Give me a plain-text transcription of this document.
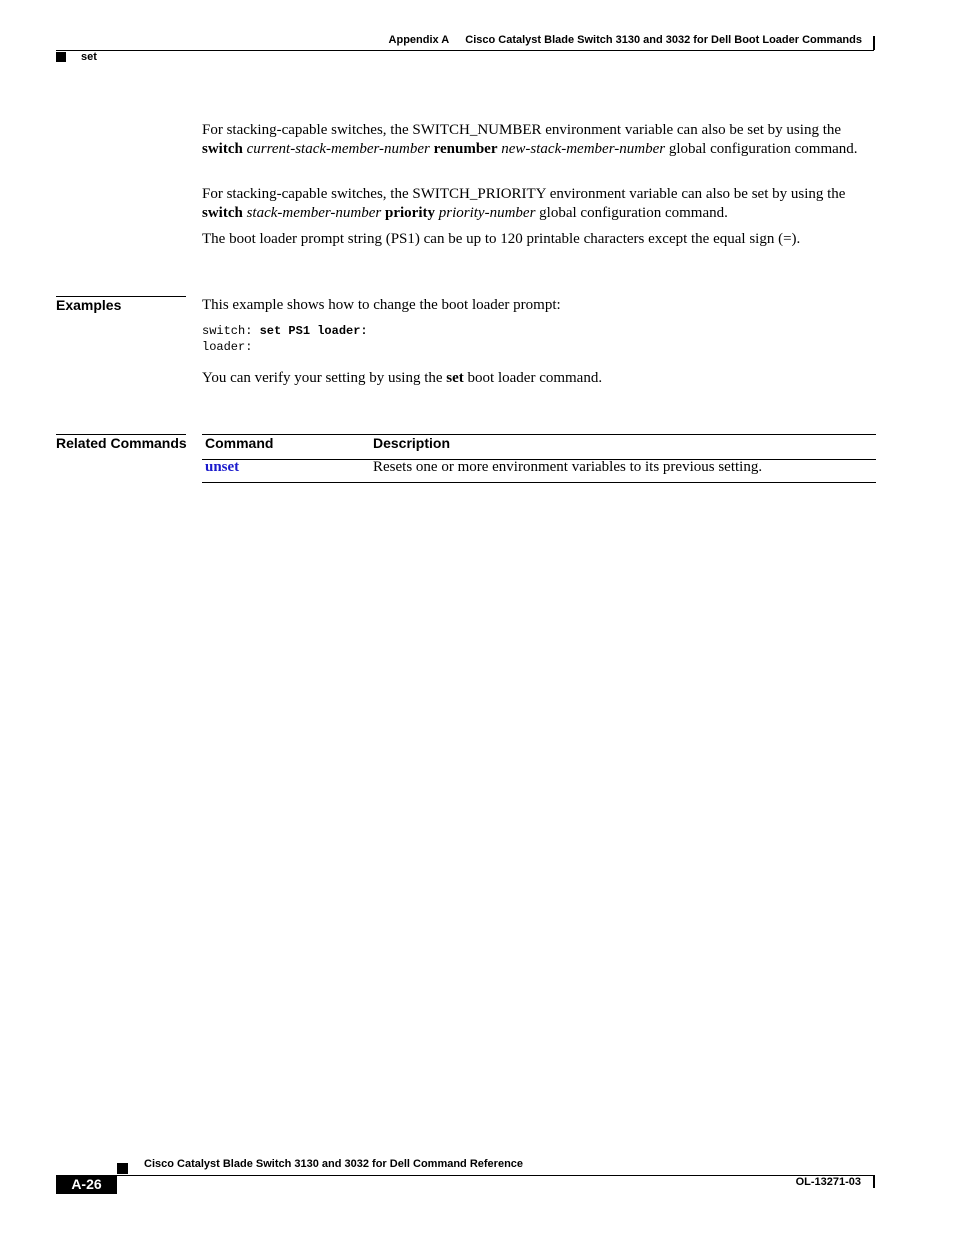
Appendix A Cisco Catalyst Blade Switch 3130 and 3032 for Dell Boot Loader Commands
set
For stacking-capable switches, the SWITCH_NUMBER environment variable can also be set by using the switch current-stack-member-number renumber new-stack-member-number global configuration command.
For stacking-capable switches, the SWITCH_PRIORITY environment variable can also be set by using the switch stack-member-number priority priority-number global configuration command.
The boot loader prompt string (PS1) can be up to 120 printable characters except the equal sign (=).
Examples	This example shows how to change the boot loader prompt:
switch: set PS1 loader:
loader:
You can verify your setting by using the set boot loader command.
Related Commands Command	Description
unset	Resets one or more environment variables to its previous setting.
Cisco Catalyst Blade Switch 3130 and 3032 for Dell Command Reference
A-26	OL-13271-03
